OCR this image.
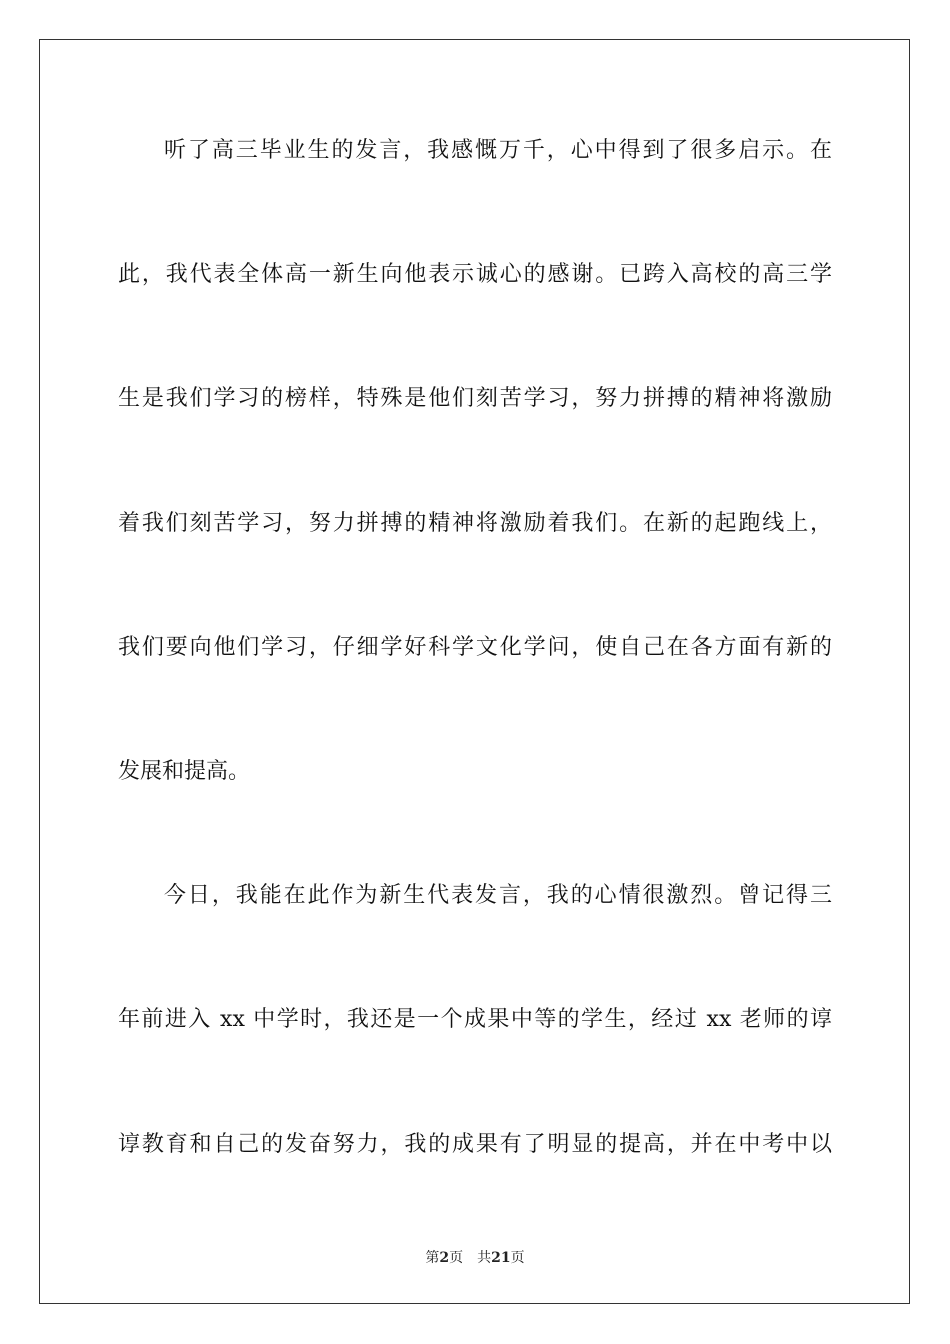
听了高三毕业生的发言，我感慨万千，心中得到了很多启示。在
此，我代表全体高一新生向他表示诚心的感谢。已跨入高校的高三学
生是我们学习的榜样，特殊是他们刻苦学习，努力拼搏的精神将激励
着我们刻苦学习，努力拼搏的精神将激励着我们。在新的起跑线上，
我们要向他们学习，仔细学好科学文化学问，使自己在各方面有新的
发展和提高。
今日，我能在此作为新生代表发言，我的心情很激烈。曾记得三
年前进入 xx 中学时，我还是一个成果中等的学生，经过 xx 老师的谆
谆教育和自己的发奋努力，我的成果有了明显的提高，并在中考中以
第2页 共21页
